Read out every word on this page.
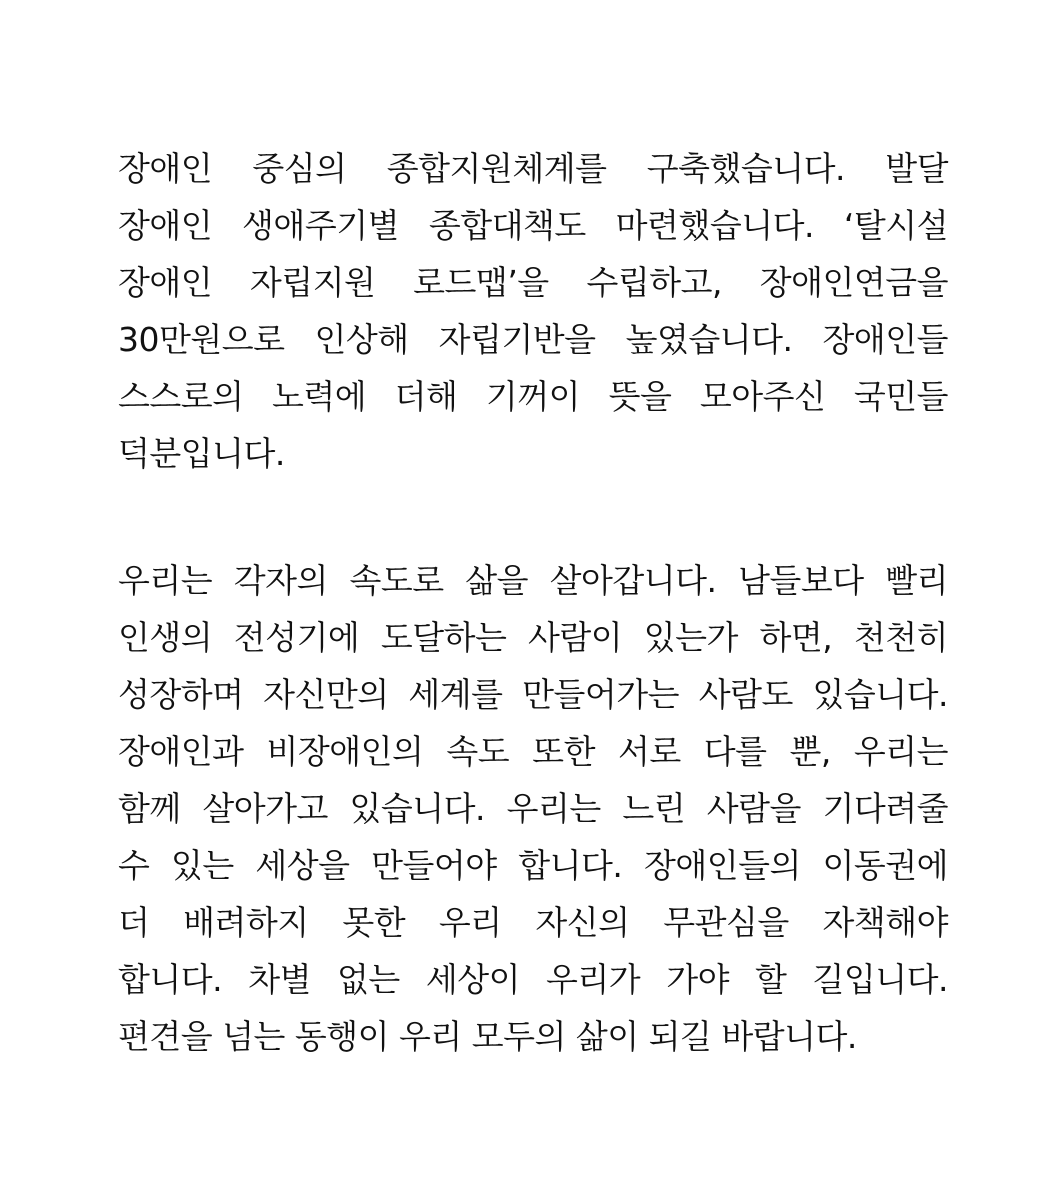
장애인 중심의 종합지원체계를 구축했습니다. 발달
장애인 생애주기별 종합대책도 마련했습니다. ‘탈시설
장애인 자립지원 로드맵’을 수립하고, 장애인연금을
30만원으로 인상해 자립기반을 높였습니다. 장애인들
스스로의 노력에 더해 기꺼이 뜻을 모아주신 국민들
덕분입니다.
우리는 각자의 속도로 삶을 살아갑니다. 남들보다 빨리
인생의 전성기에 도달하는 사람이 있는가 하면, 천천히
성장하며 자신만의 세계를 만들어가는 사람도 있습니다.
장애인과 비장애인의 속도 또한 서로 다를 뿐, 우리는
함께 살아가고 있습니다. 우리는 느린 사람을 기다려줄
수 있는 세상을 만들어야 합니다. 장애인들의 이동권에
더 배려하지 못한 우리 자신의 무관심을 자책해야
합니다. 차별 없는 세상이 우리가 가야 할 길입니다.
편견을 넘는 동행이 우리 모두의 삶이 되길 바랍니다.
